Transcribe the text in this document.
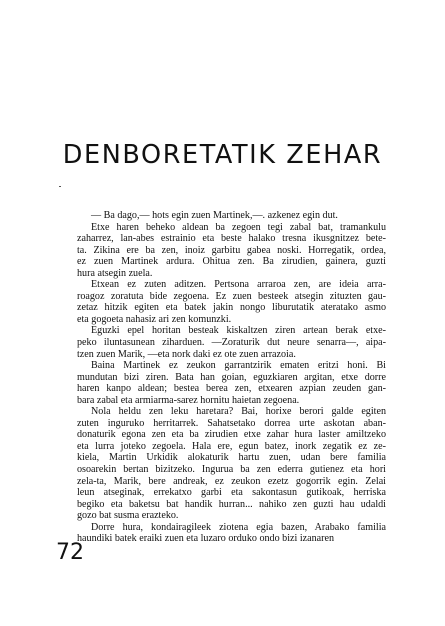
DENBORETATIK ZEHAR
— Ba dago,— hots egin zuen Martinek,—. azkenez egin dut.
Etxe haren beheko aldean ba zegoen tegi zabal bat, tramankulu
zaharrez, lan-abes estrainio eta beste halako tresna ikusgnitzez bete-
ta. Zikina ere ba zen, inoiz garbitu gabea noski. Horregatik, ordea,
ez zuen Martinek ardura. Ohitua zen. Ba zirudien, gainera, guzti
hura atsegin zuela.
Etxean ez zuten aditzen. Pertsona arraroa zen, are ideia arra-
roagoz zoratuta bide zegoena. Ez zuen besteek atsegin zituzten gau-
zetaz hitzik egiten eta batek jakin nongo liburutatik ateratako asmo
eta gogoeta nahasiz ari zen komunzki.
Eguzki epel horitan besteak kiskaltzen ziren artean berak etxe-
peko iluntasunean ziharduen. —Zoraturik dut neure senarra—, aipa-
tzen zuen Marik, —eta nork daki ez ote zuen arrazoia.
Baina Martinek ez zeukon garrantzirik ematen eritzi honi. Bi
mundutan bizi ziren. Bata han goian, eguzkiaren argitan, etxe dorre
haren kanpo aldean; bestea berea zen, etxearen azpian zeuden gan-
bara zabal eta armiarma-sarez hornitu haietan zegoena.
Nola heldu zen leku haretara? Bai, horixe berori galde egiten
zuten inguruko herritarrek. Sahatsetako dorrea urte askotan aban-
donaturik egona zen eta ba zirudien etxe zahar hura laster amiltzeko
eta lurra joteko zegoela. Hala ere, egun batez, inork zegatik ez ze-
kiela, Martin Urkidik alokaturik hartu zuen, udan bere familia
osoarekin bertan bizitzeko. Ingurua ba zen ederra gutienez eta hori
zela-ta, Marik, bere andreak, ez zeukon ezetz gogorrik egin. Zelai
leun atseginak, errekatxo garbi eta sakontasun gutikoak, herriska
begiko eta baketsu bat handik hurran... nahiko zen guzti hau udaldi
gozo bat susma erazteko.
Dorre hura, kondairagileek ziotena egia bazen, Arabako familia
haundiki batek eraiki zuen eta luzaro orduko ondo bizi izanaren
72
